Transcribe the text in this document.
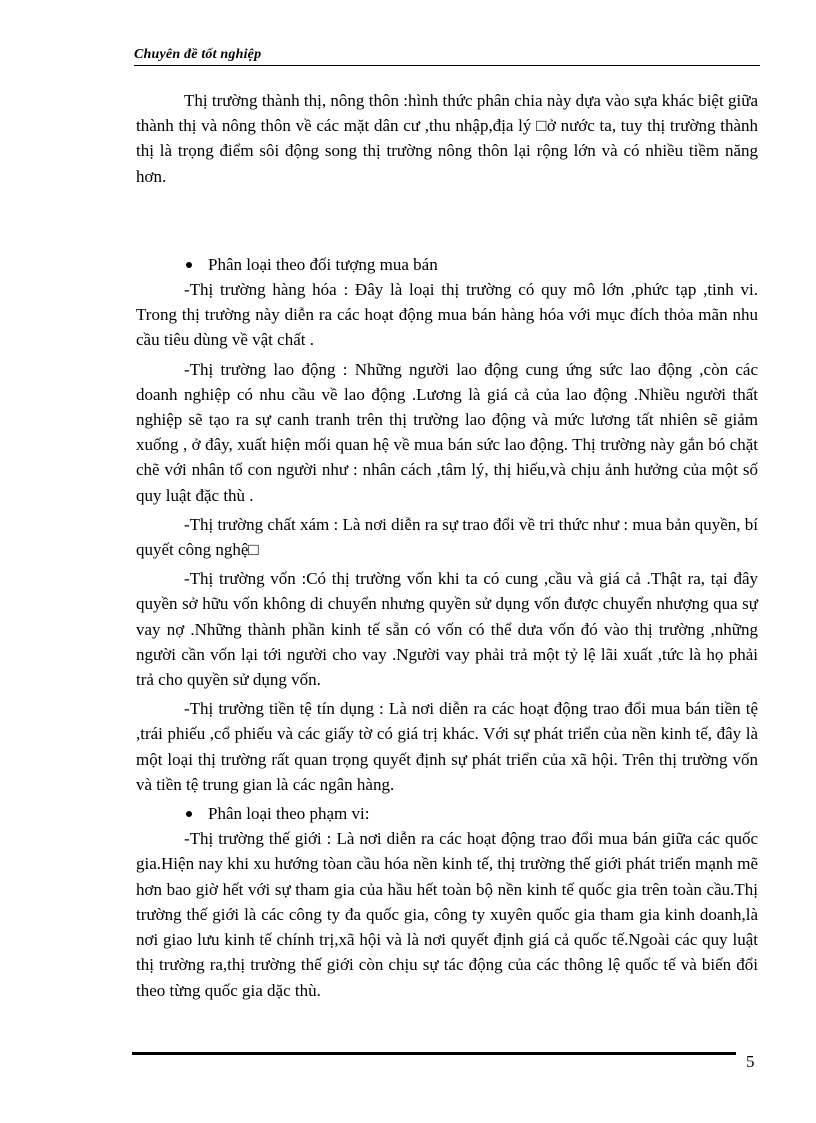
Chuyên đề tốt nghiệp

Thị trường thành thị, nông thôn :hình thức phân chia này dựa vào sựa khác biệt giữa thành thị và nông thôn về các mặt dân cư ,thu nhập,địa lý □ở nước ta, tuy thị trường thành thị là trọng điểm sôi động song thị trường nông thôn lại rộng lớn và có nhiều tiềm năng hơn.

Phân loại theo đối tượng mua bán

-Thị trường hàng hóa : Đây là loại thị trường có quy mô lớn ,phức tạp ,tinh vi. Trong thị trường này diễn ra các hoạt động mua bán hàng hóa với mục đích thỏa mãn nhu cầu tiêu dùng về vật chất .

-Thị trường lao động : Những người lao động cung ứng sức lao động ,còn các doanh nghiệp có nhu cầu về lao động .Lương là giá cả của lao động .Nhiều người thất nghiệp sẽ tạo ra sự canh tranh trên thị trường lao động và mức lương tất nhiên sẽ giảm xuống , ở đây, xuất hiện mối quan hệ về mua bán sức lao động. Thị trường này gắn bó chặt chẽ với nhân tố con người như : nhân cách ,tâm lý, thị hiếu,và chịu ảnh hưởng của một số quy luật đặc thù .

-Thị trường chất xám : Là nơi diễn ra sự trao đổi về tri thức như : mua bản quyền, bí quyết công nghệ□

-Thị trường vốn :Có thị trường vốn khi ta có cung ,cầu và giá cả .Thật ra, tại đây quyền sở hữu vốn không di chuyển nhưng quyền sử dụng vốn được chuyển nhượng qua sự vay nợ .Những thành phần kinh tế sẵn có vốn có thể dưa vốn đó vào thị trường ,những người cần vốn lại tới người cho vay .Người vay phải trả một tỷ lệ lãi xuất ,tức là họ phải trả cho quyền sử dụng vốn.

-Thị trường tiền tệ tín dụng : Là nơi diễn ra các hoạt động trao đổi mua bán tiền tệ ,trái phiếu ,cổ phiếu và các giấy tờ có giá trị khác. Với sự phát triển của nền kinh tế, đây là một loại thị trường rất quan trọng quyết định sự phát triển của xã hội. Trên thị trường vốn và tiền tệ trung gian là các ngân hàng.

Phân loại theo phạm vi:

-Thị trường thế giới : Là nơi diễn ra các hoạt động trao đổi mua bán giữa các quốc gia.Hiện nay khi xu hướng tòan cầu hóa nền kinh tế, thị trường thế giới phát triển mạnh mẽ hơn bao giờ hết với sự tham gia của hầu hết toàn bộ nền kinh tế quốc gia trên toàn cầu.Thị trường thế giới là các công ty đa quốc gia, công ty xuyên quốc gia tham gia kinh doanh,là nơi giao lưu kinh tế chính trị,xã hội và là nơi quyết định giá cả quốc tế.Ngoài các quy luật thị trường ra,thị trường thế giới còn chịu sự tác động của các thông lệ quốc tế và biến đổi theo từng quốc gia dặc thù.

5
